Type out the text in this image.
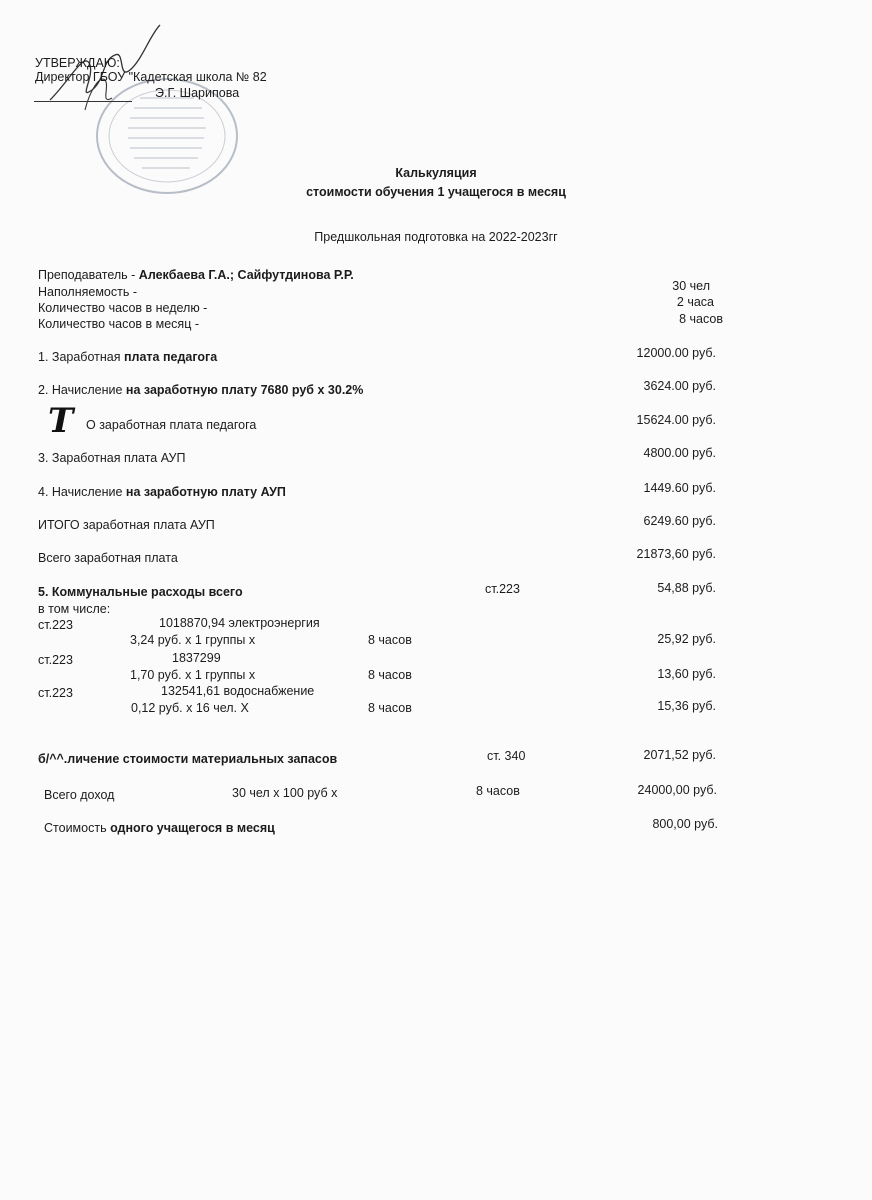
УТВЕРЖДАЮ:
Директор ГБОУ "Кадетская школа № 82
Э.Г. Шарипова
Калькуляция
стоимости обучения 1 учащегося в месяц
Предшкольная подготовка на 2022-2023гг
Преподаватель - Алекбаева Г.А.; Сайфутдинова Р.Р.
Наполняемость -	30 чел
Количество часов в неделю -	2 часа
Количество часов в месяц -	8 часов
1. Заработная плата педагога	12000.00 руб.
2. Начисление на заработную плату 7680 руб х 30.2%	3624.00 руб.
Т О заработная плата педагога	15624.00 руб.
3. Заработная плата АУП	4800.00 руб.
4. Начисление на заработную плату АУП	1449.60 руб.
ИТОГО заработная плата АУП	6249.60 руб.
Всего заработная плата	21873,60 руб.
5. Коммунальные расходы всего	ст.223	54,88 руб.
в том числе:
ст.223	1018870,94 электроэнергия
3,24 руб. х 1 группы х	8 часов	25,92 руб.
ст.223	1837299
1,70 руб. х 1 группы х	8 часов	13,60 руб.
ст.223	132541,61 водоснабжение
0,12 руб. х 16 чел. X	8 часов	15,36 руб.
б/^^.личение стоимости материальных запасов	ст. 340	2071,52 руб.
Всего доход	30 чел х 100 руб х	8 часов	24000,00 руб.
Стоимость одного учащегося в месяц	800,00 руб.
